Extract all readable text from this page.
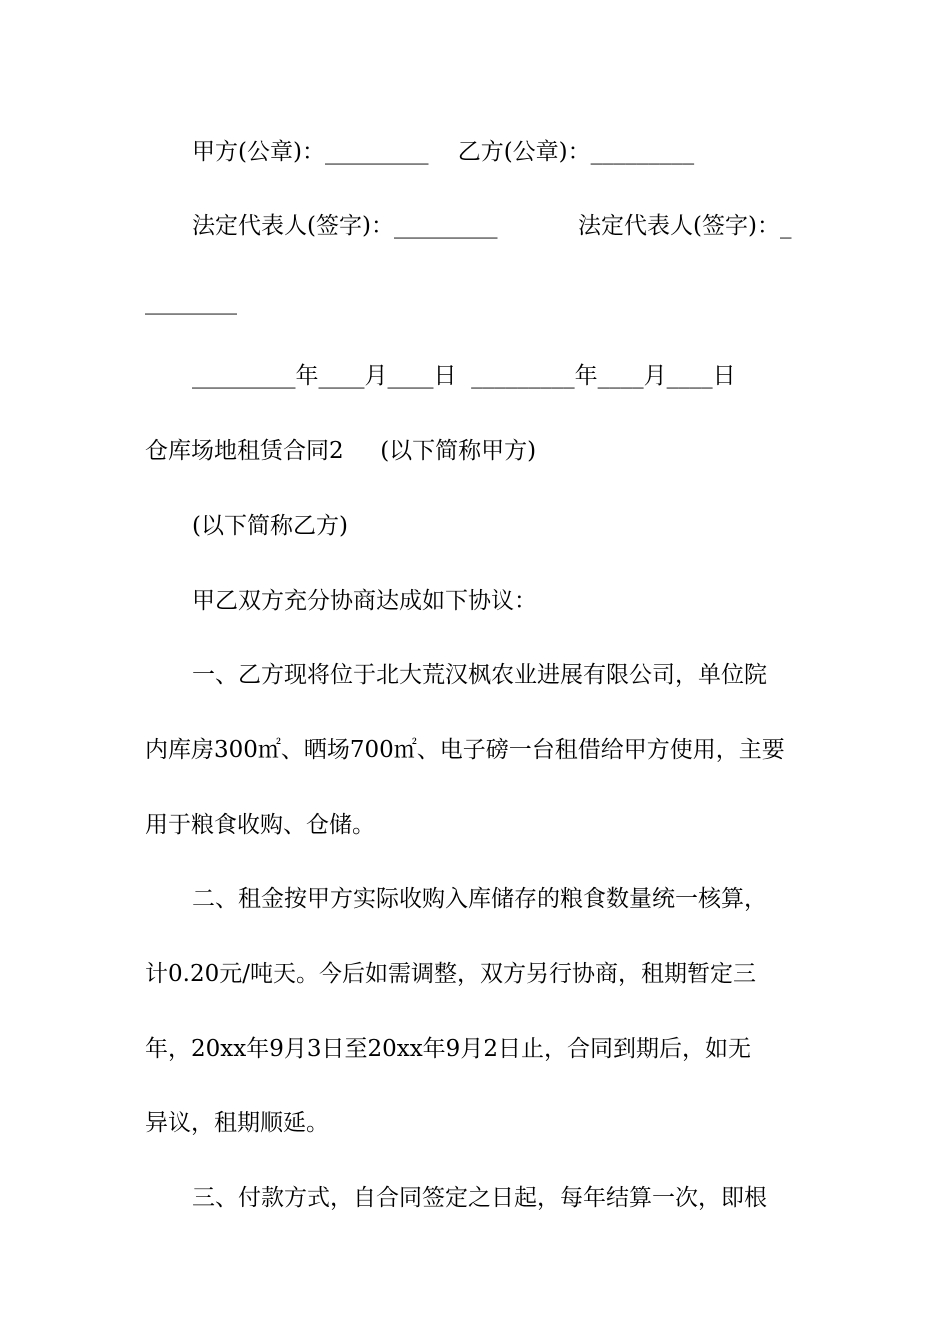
甲方(公章)：_________    乙方(公章)：_________
法定代表人(签字)：_________	法定代表人(签字)：_
________
_________年____月____日  _________年____月____日
仓库场地租赁合同2     (以下简称甲方)
(以下简称乙方)
甲乙双方充分协商达成如下协议：
一、乙方现将位于北大荒汉枫农业进展有限公司，单位院
内库房300㎡、晒场700㎡、电子磅一台租借给甲方使用，主要
用于粮食收购、仓储。
二、租金按甲方实际收购入库储存的粮食数量统一核算，
计0.20元/吨天。今后如需调整，双方另行协商，租期暂定三
年，20xx年9月3日至20xx年9月2日止，合同到期后，如无
异议，租期顺延。
三、付款方式，自合同签定之日起，每年结算一次，即根
